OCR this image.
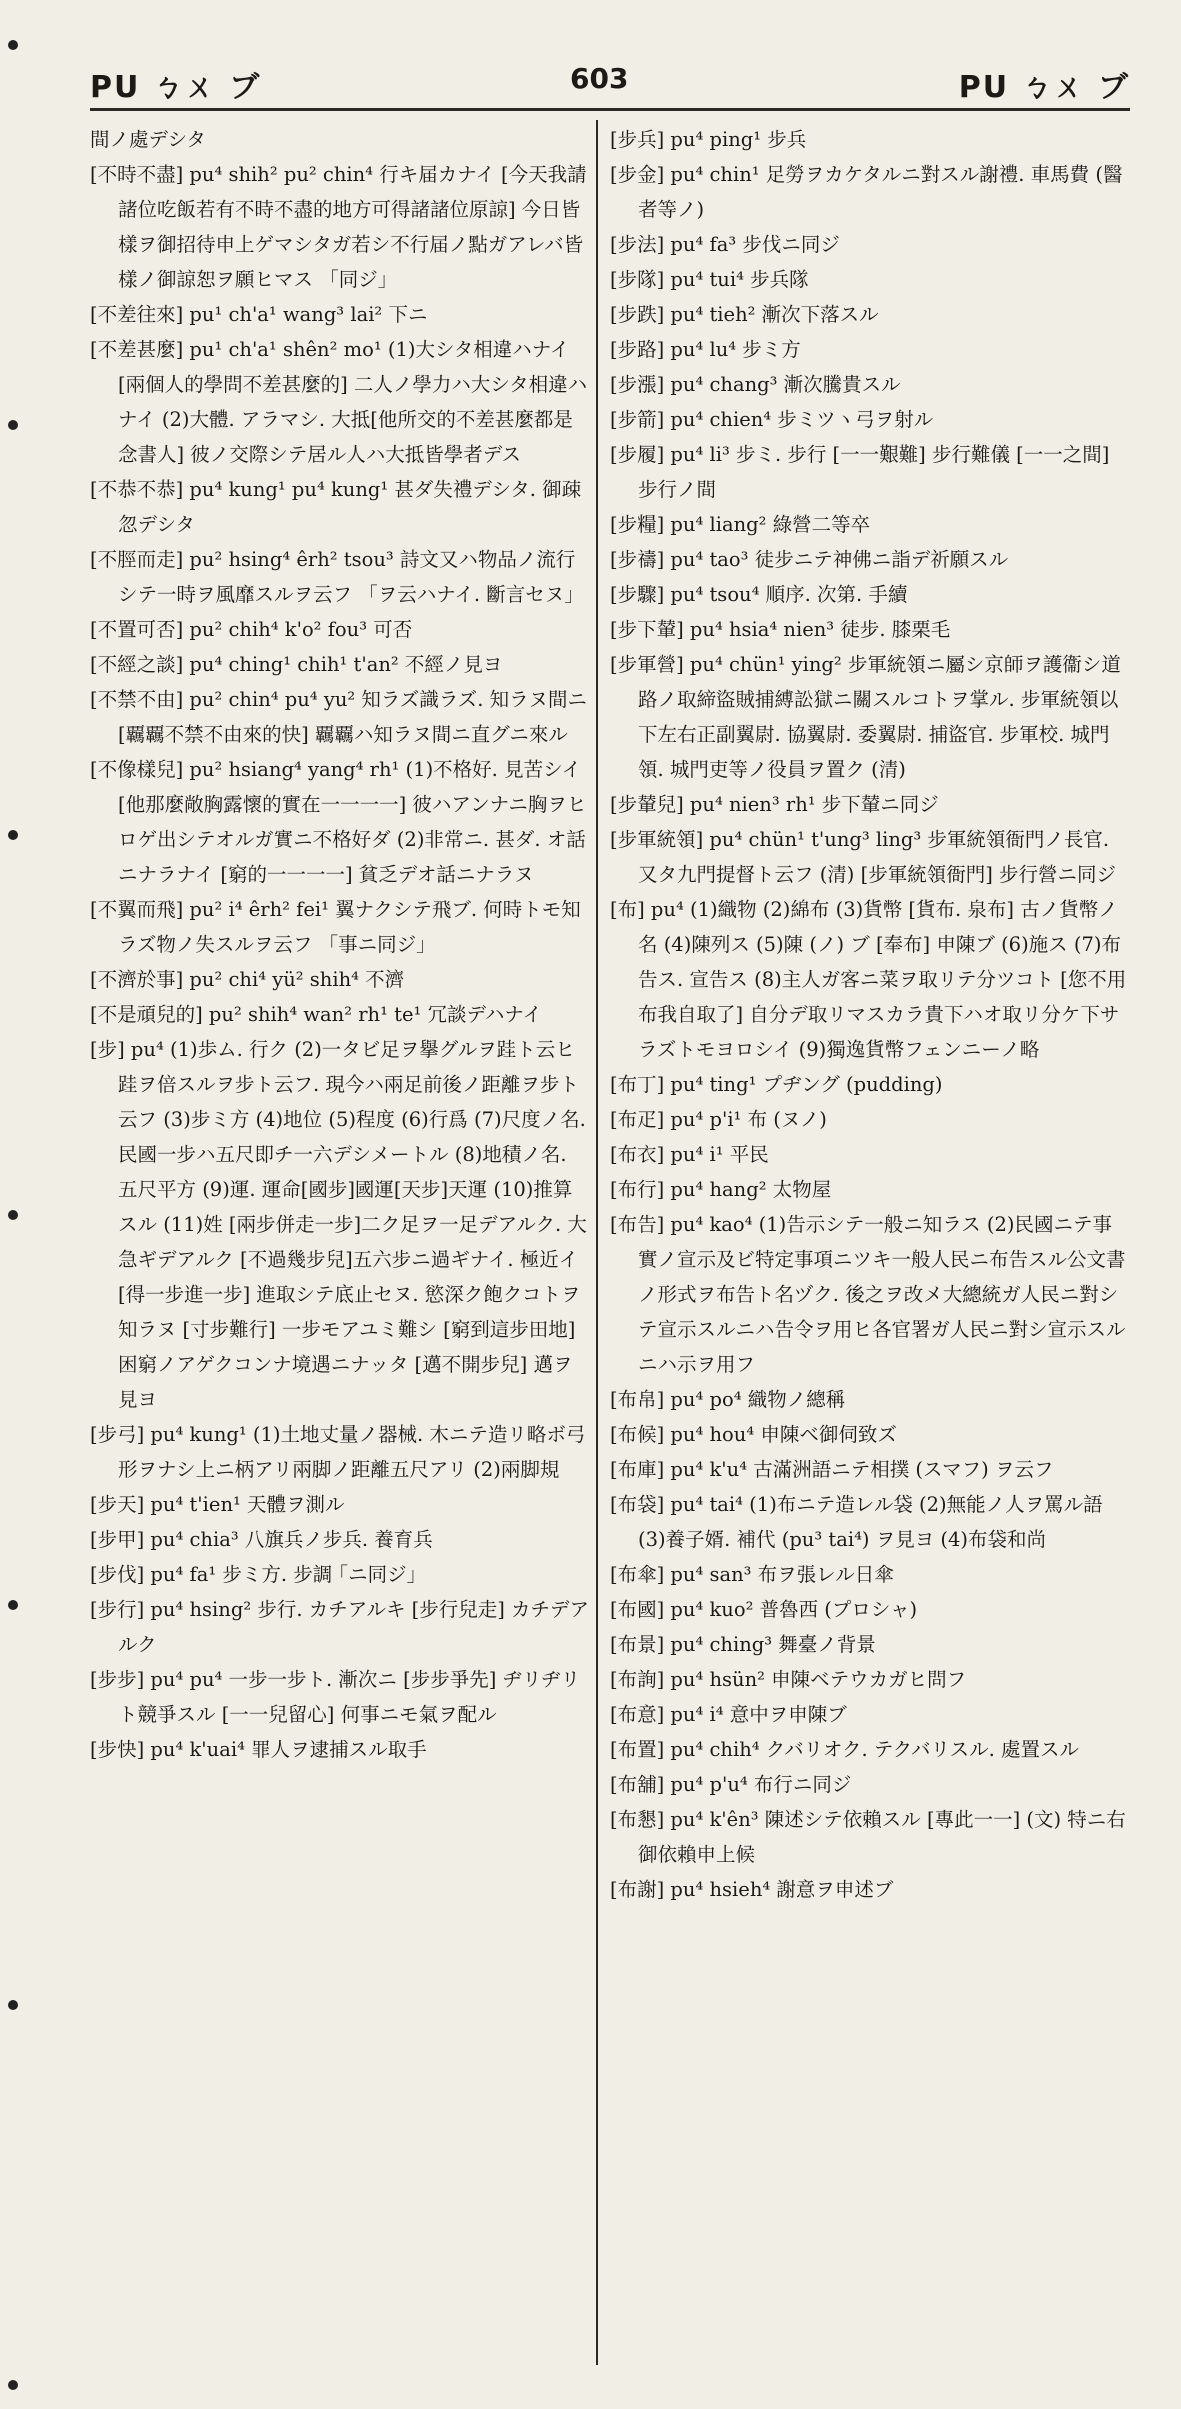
PU ㄅㄨ ブ	603	PU ㄅㄨ ブ

間ノ處デシタ

[不時不盡] pu⁴ shih² pu² chin⁴ 行キ届カナイ [今天我請諸位吃飯若有不時不盡的地方可得諸諸位原諒] 今日皆樣ヲ御招待申上ゲマシタガ若シ不行届ノ點ガアレバ皆樣ノ御諒恕ヲ願ヒマス 「同ジ」

[不差往來] pu¹ ch'a¹ wang³ lai² 下ニ

[不差甚麼] pu¹ ch'a¹ shên² mo¹ (1)大シタ相違ハナイ [兩個人的學問不差甚麼的] 二人ノ學力ハ大シタ相違ハナイ (2)大體. アラマシ. 大抵[他所交的不差甚麼都是念書人] 彼ノ交際シテ居ル人ハ大抵皆學者デス

[不恭不恭] pu⁴ kung¹ pu⁴ kung¹ 甚ダ失禮デシタ. 御疎忽デシタ

[不脛而走] pu² hsing⁴ êrh² tsou³ 詩文又ハ物品ノ流行シテ一時ヲ風靡スルヲ云フ 「ヲ云ハナイ. 斷言セヌ」

[不置可否] pu² chih⁴ k'o² fou³ 可否

[不經之談] pu⁴ ching¹ chih¹ t'an² 不經ノ見ヨ

[不禁不由] pu² chin⁴ pu⁴ yu² 知ラズ識ラズ. 知ラヌ間ニ [覊覊不禁不由來的快] 覊覊ハ知ラヌ間ニ直グニ來ル

[不像樣兒] pu² hsiang⁴ yang⁴ rh¹ (1)不格好. 見苦シイ [他那麼敞胸露懷的實在一一一一] 彼ハアンナニ胸ヲヒロゲ出シテオルガ實ニ不格好ダ (2)非常ニ. 甚ダ. オ話ニナラナイ [窮的一一一一] 貧乏デオ話ニナラヌ

[不翼而飛] pu² i⁴ êrh² fei¹ 翼ナクシテ飛ブ. 何時トモ知ラズ物ノ失スルヲ云フ 「事ニ同ジ」

[不濟於事] pu² chi⁴ yü² shih⁴ 不濟

[不是頑兒的] pu² shih⁴ wan² rh¹ te¹ 冗談デハナイ

[步] pu⁴ (1)歩ム. 行ク (2)一タビ足ヲ擧グルヲ跬ト云ヒ跬ヲ倍スルヲ步ト云フ. 現今ハ兩足前後ノ距離ヲ步ト云フ (3)步ミ方 (4)地位 (5)程度 (6)行爲 (7)尺度ノ名. 民國一步ハ五尺即チ一六デシメートル (8)地積ノ名. 五尺平方 (9)運. 運命[國步]國運[天步]天運 (10)推算スル (11)姓 [兩步併走一步]二ク足ヲ一足デアルク. 大急ギデアルク [不過幾步兒]五六步ニ過ギナイ. 極近イ [得一步進一步] 進取シテ底止セヌ. 慾深ク飽クコトヲ知ラヌ [寸步難行] 一步モアユミ難シ [窮到這步田地] 困窮ノアゲクコンナ境遇ニナッタ [邁不開步兒] 邁ヲ見ヨ

[步弓] pu⁴ kung¹ (1)土地丈量ノ器械. 木ニテ造リ略ボ弓形ヲナシ上ニ柄アリ兩脚ノ距離五尺アリ (2)兩脚規

[步天] pu⁴ t'ien¹ 天體ヲ測ル

[步甲] pu⁴ chia³ 八旗兵ノ步兵. 養育兵

[步伐] pu⁴ fa¹ 步ミ方. 步調 ｢ニ同ジ｣

[步行] pu⁴ hsing² 步行. カチアルキ [步行兒走] カチデアルク

[步步] pu⁴ pu⁴ 一步一步ト. 漸次ニ [步步爭先] ヂリヂリト競爭スル [一一兒留心] 何事ニモ氣ヲ配ル

[步快] pu⁴ k'uai⁴ 罪人ヲ逮捕スル取手

[步兵] pu⁴ ping¹ 步兵

[步金] pu⁴ chin¹ 足勞ヲカケタルニ對スル謝禮. 車馬費 (醫者等ノ)

[步法] pu⁴ fa³ 步伐ニ同ジ

[步隊] pu⁴ tui⁴ 步兵隊

[步跌] pu⁴ tieh² 漸次下落スル

[步路] pu⁴ lu⁴ 步ミ方

[步漲] pu⁴ chang³ 漸次騰貴スル

[步箭] pu⁴ chien⁴ 步ミツヽ弓ヲ射ル

[步履] pu⁴ li³ 步ミ. 步行 [一一艱難] 步行難儀 [一一之間] 步行ノ間

[步糧] pu⁴ liang² 綠營二等卒

[步禱] pu⁴ tao³ 徒步ニテ神佛ニ詣デ祈願スル

[步驟] pu⁴ tsou⁴ 順序. 次第. 手續

[步下輦] pu⁴ hsia⁴ nien³ 徒步. 膝栗毛

[步軍營] pu⁴ chün¹ ying² 步軍統領ニ屬シ京師ヲ護衞シ道路ノ取締盜賊捕縛訟獄ニ關スルコトヲ掌ル. 步軍統領以下左右正副翼尉. 協翼尉. 委翼尉. 捕盜官. 步軍校. 城門領. 城門吏等ノ役員ヲ置ク (清)

[步輦兒] pu⁴ nien³ rh¹ 步下輦ニ同ジ

[步軍統領] pu⁴ chün¹ t'ung³ ling³ 步軍統領衙門ノ長官. 又タ九門提督ト云フ (清) [步軍統領衙門] 步行營ニ同ジ

[布] pu⁴ (1)織物 (2)綿布 (3)貨幣 [貨布. 泉布] 古ノ貨幣ノ名 (4)陳列ス (5)陳 (ノ) ブ [奉布] 申陳ブ (6)施ス (7)布告ス. 宣告ス (8)主人ガ客ニ菜ヲ取リテ分ツコト [您不用布我自取了] 自分デ取リマスカラ貴下ハオ取リ分ケ下サラズトモヨロシイ (9)獨逸貨幣フェンニーノ略

[布丁] pu⁴ ting¹ プヂング (pudding)

[布疋] pu⁴ p'i¹ 布 (ヌノ)

[布衣] pu⁴ i¹ 平民

[布行] pu⁴ hang² 太物屋

[布告] pu⁴ kao⁴ (1)告示シテ一般ニ知ラス (2)民國ニテ事實ノ宣示及ビ特定事項ニツキ一般人民ニ布告スル公文書ノ形式ヲ布告ト名ヅク. 後之ヲ改メ大總統ガ人民ニ對シテ宣示スルニハ告令ヲ用ヒ各官署ガ人民ニ對シ宣示スルニハ示ヲ用フ

[布帛] pu⁴ po⁴ 織物ノ總稱

[布候] pu⁴ hou⁴ 申陳ベ御伺致ズ

[布庫] pu⁴ k'u⁴ 古滿洲語ニテ相撲 (スマフ) ヲ云フ

[布袋] pu⁴ tai⁴ (1)布ニテ造レル袋 (2)無能ノ人ヲ罵ル語 (3)養子婿. 補代 (pu³ tai⁴) ヲ見ヨ (4)布袋和尚

[布傘] pu⁴ san³ 布ヲ張レル日傘

[布國] pu⁴ kuo² 普魯西 (プロシャ)

[布景] pu⁴ ching³ 舞臺ノ背景

[布詢] pu⁴ hsün² 申陳ベテウカガヒ問フ

[布意] pu⁴ i⁴ 意中ヲ申陳ブ

[布置] pu⁴ chih⁴ クバリオク. テクバリスル. 處置スル

[布舖] pu⁴ p'u⁴ 布行ニ同ジ

[布懇] pu⁴ k'ên³ 陳述シテ依賴スル [專此一一] (文) 特ニ右御依賴申上候

[布謝] pu⁴ hsieh⁴ 謝意ヲ申述ブ
